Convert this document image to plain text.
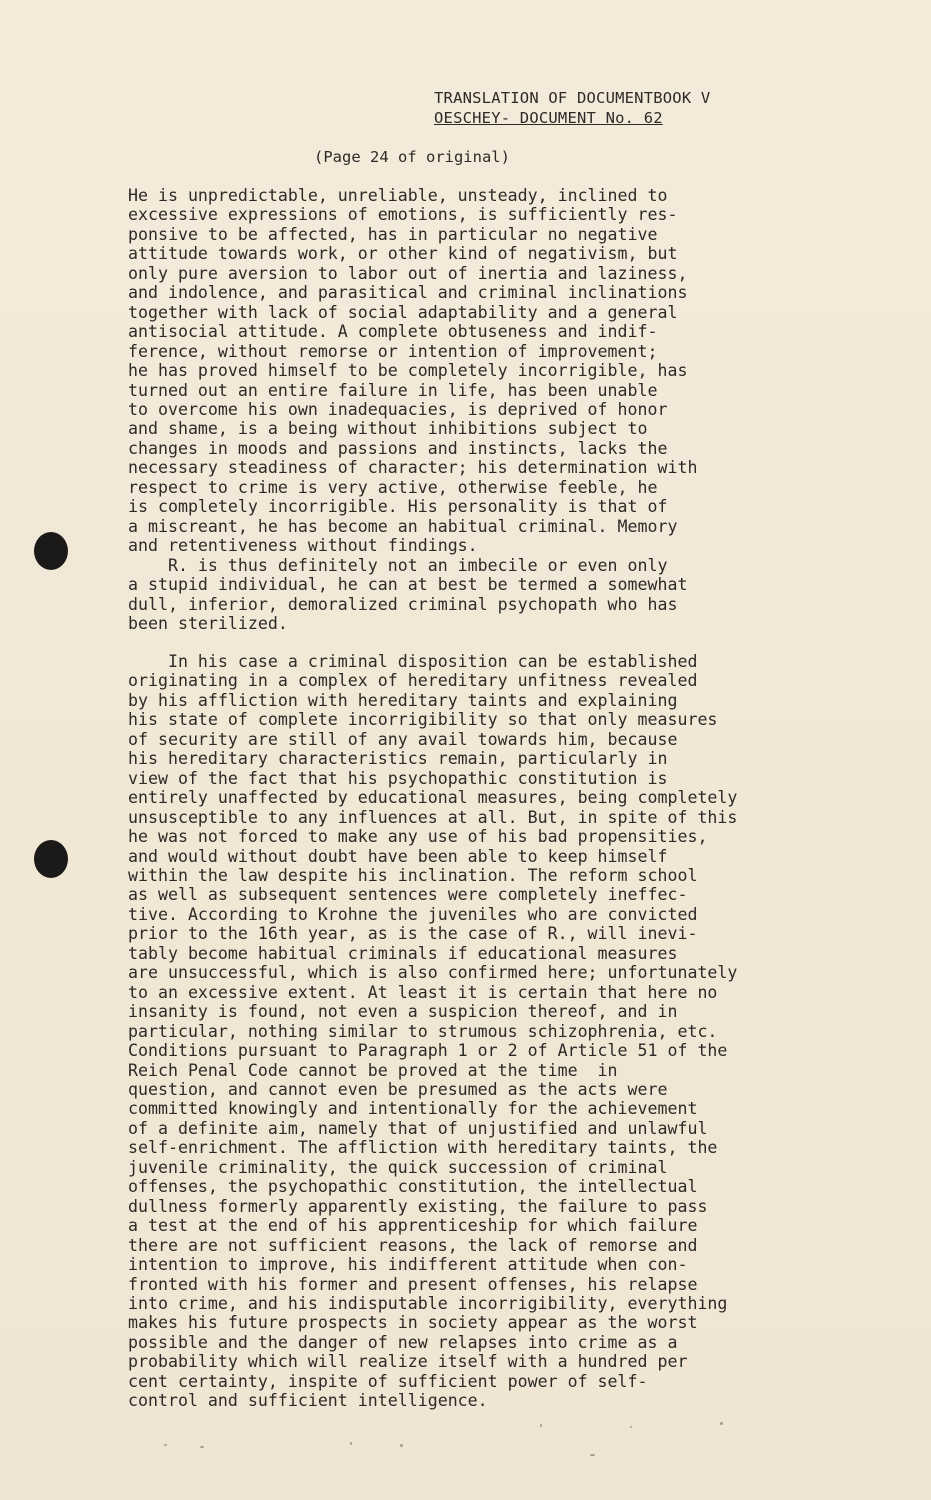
TRANSLATION OF DOCUMENTBOOK V
OESCHEY- DOCUMENT No. 62
(Page 24 of original)
He is unpredictable, unreliable, unsteady, inclined to
excessive expressions of emotions, is sufficiently res-
ponsive to be affected, has in particular no negative
attitude towards work, or other kind of negativism, but
only pure aversion to labor out of inertia and laziness,
and indolence, and parasitical and criminal inclinations
together with lack of social adaptability and a general
antisocial attitude. A complete obtuseness and indif-
ference, without remorse or intention of improvement;
he has proved himself to be completely incorrigible, has
turned out an entire failure in life, has been unable
to overcome his own inadequacies, is deprived of honor
and shame, is a being without inhibitions subject to
changes in moods and passions and instincts, lacks the
necessary steadiness of character; his determination with
respect to crime is very active, otherwise feeble, he
is completely incorrigible. His personality is that of
a miscreant, he has become an habitual criminal. Memory
and retentiveness without findings.
R. is thus definitely not an imbecile or even only
a stupid individual, he can at best be termed a somewhat
dull, inferior, demoralized criminal psychopath who has
been sterilized.
In his case a criminal disposition can be established
originating in a complex of hereditary unfitness revealed
by his affliction with hereditary taints and explaining
his state of complete incorrigibility so that only measures
of security are still of any avail towards him, because
his hereditary characteristics remain, particularly in
view of the fact that his psychopathic constitution is
entirely unaffected by educational measures, being completely
unsusceptible to any influences at all. But, in spite of this
he was not forced to make any use of his bad propensities,
and would without doubt have been able to keep himself
within the law despite his inclination. The reform school
as well as subsequent sentences were completely ineffec-
tive. According to Krohne the juveniles who are convicted
prior to the 16th year, as is the case of R., will inevi-
tably become habitual criminals if educational measures
are unsuccessful, which is also confirmed here; unfortunately
to an excessive extent. At least it is certain that here no
insanity is found, not even a suspicion thereof, and in
particular, nothing similar to strumous schizophrenia, etc.
Conditions pursuant to Paragraph 1 or 2 of Article 51 of the
Reich Penal Code cannot be proved at the time  in
question, and cannot even be presumed as the acts were
committed knowingly and intentionally for the achievement
of a definite aim, namely that of unjustified and unlawful
self-enrichment. The affliction with hereditary taints, the
juvenile criminality, the quick succession of criminal
offenses, the psychopathic constitution, the intellectual
dullness formerly apparently existing, the failure to pass
a test at the end of his apprenticeship for which failure
there are not sufficient reasons, the lack of remorse and
intention to improve, his indifferent attitude when con-
fronted with his former and present offenses, his relapse
into crime, and his indisputable incorrigibility, everything
makes his future prospects in society appear as the worst
possible and the danger of new relapses into crime as a
probability which will realize itself with a hundred per
cent certainty, inspite of sufficient power of self-
control and sufficient intelligence.
